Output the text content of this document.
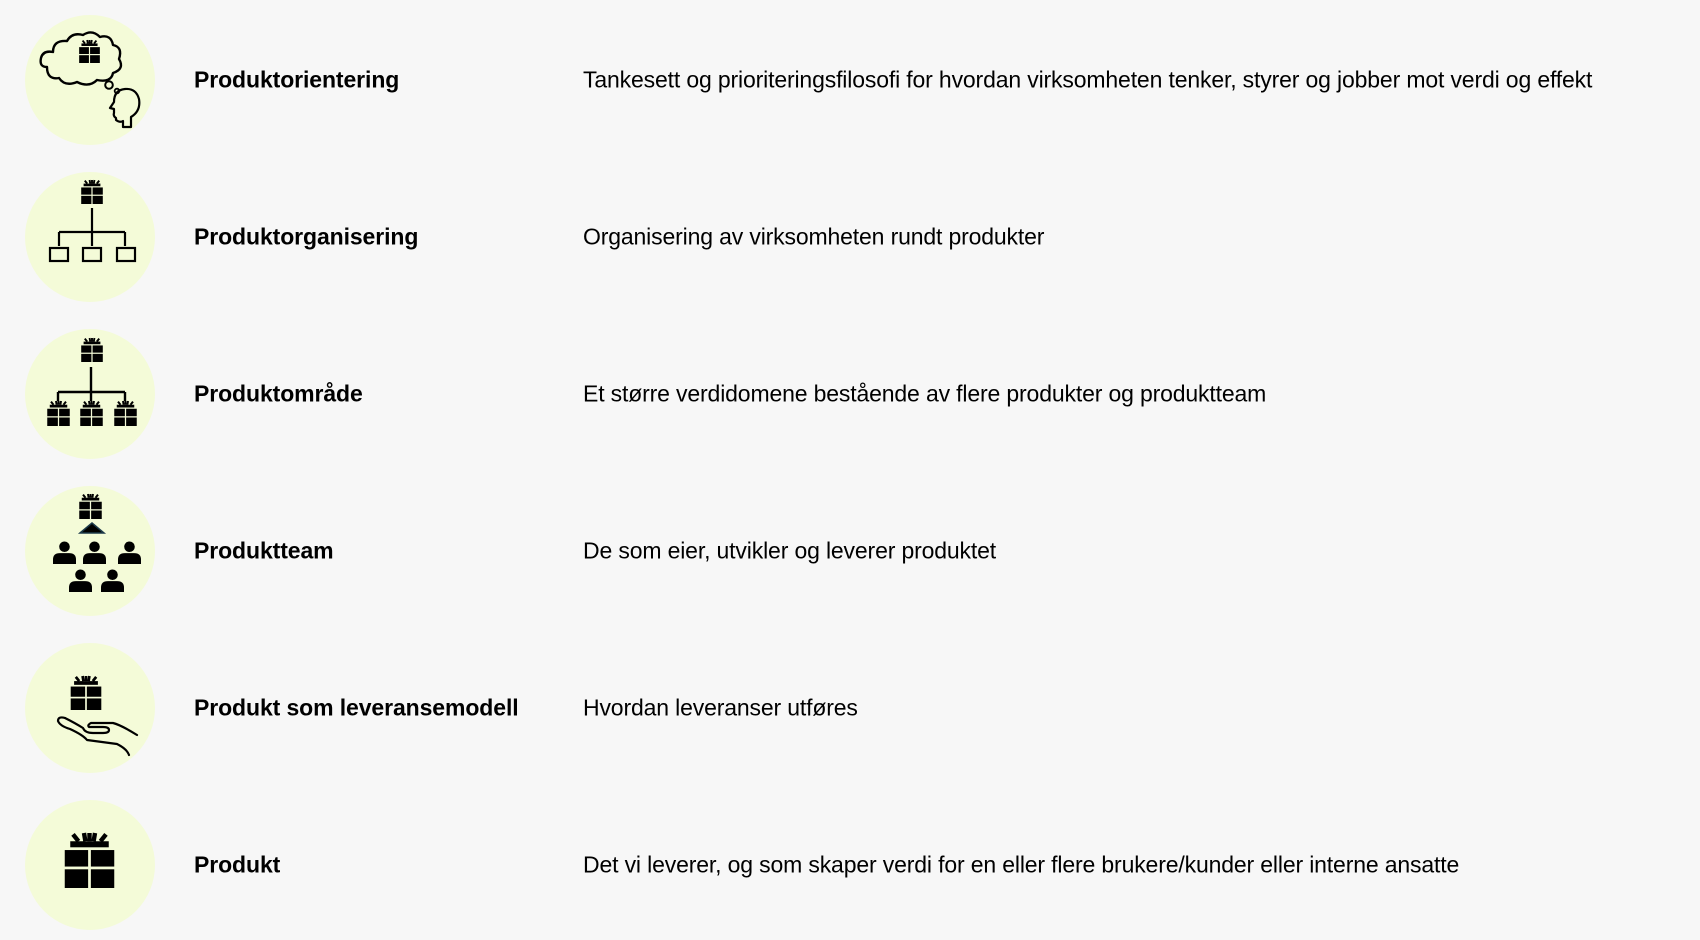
Produktorientering	Tankesett og prioriteringsfilosofi for hvordan virksomheten tenker, styrer og jobber mot verdi og effekt
Produktorganisering	Organisering av virksomheten rundt produkter
Produktområde	Et større verdidomene bestående av flere produkter og produktteam
Produktteam	De som eier, utvikler og leverer produktet
Produkt som leveransemodell	Hvordan leveranser utføres
Produkt	Det vi leverer, og som skaper verdi for en eller flere brukere/kunder eller interne ansatte
